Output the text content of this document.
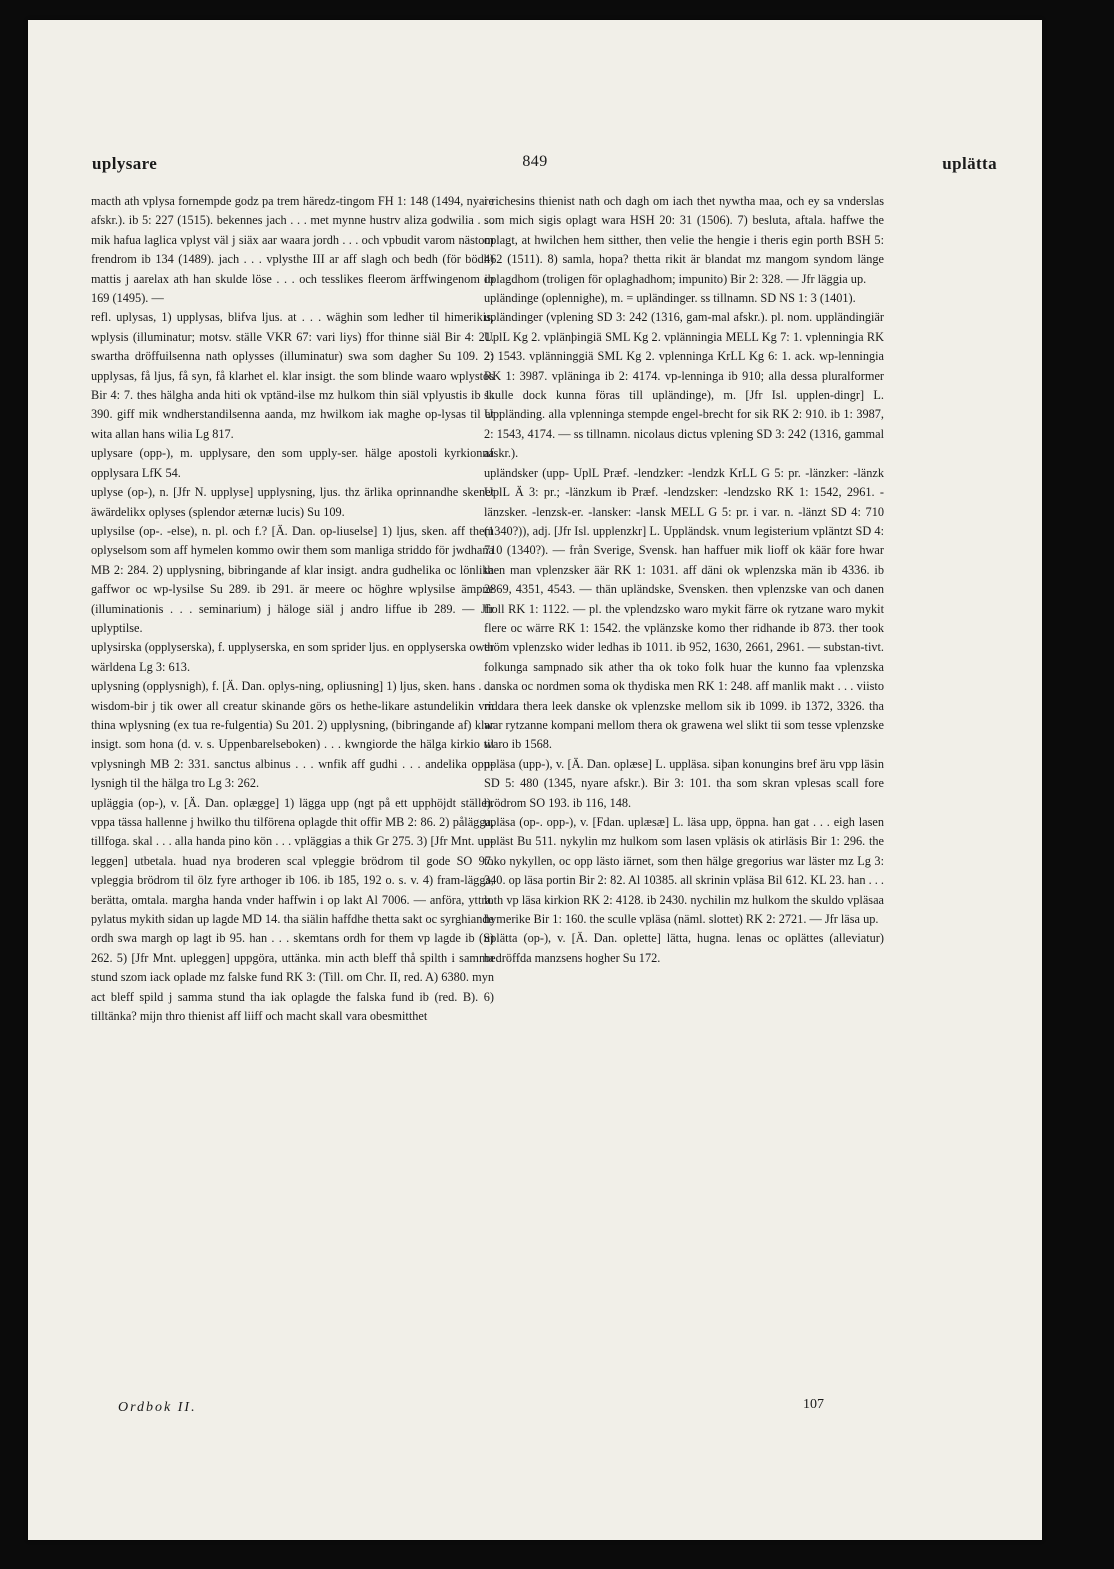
uplysare	849	uplätta

macth ath vplysa fornempde godz pa trem häredz-tingom FH 1: 148 (1494, nyare afskr.). ib 5: 227 (1515). bekennes jach . . . met mynne hustrv aliza godwilia . . . mik hafua laglica vplyst väl j siäx aar waara jordh . . . och vpbudit varom nästom frendrom ib 134 (1489). jach . . . vplysthe III ar aff slagh och bedh (för bödh) mattis j aarelax ath han skulde löse . . . och tesslikes fleerom ärffwingenom ib 169 (1495). —

refl. uplysas, 1) upplysas, blifva ljus. at . . . wäghin som ledher til himerikis, wplysis (illuminatur; motsv. ställe VKR 67: vari liys) ffor thinne siäl Bir 4: 21. swartha dröffuilsenna nath oplysses (illuminatur) swa som dagher Su 109. 2) upplysas, få ljus, få syn, få klarhet el. klar insigt. the som blinde waaro wplystos Bir 4: 7. thes hälgha anda hiti ok vptänd-ilse mz hulkom thin siäl vplyustis ib 1: 390. giff mik wndherstandilsenna aanda, mz hwilkom iak maghe op-lysas til at wita allan hans wilia Lg 817.

uplysare (opp-), m. upplysare, den som upply-ser. hälge apostoli kyrkionna opplysara LfK 54.

uplyse (op-), n. [Jfr N. upplyse] upplysning, ljus. thz ärlika oprinnandhe skenet äwärdelikx oplyses (splendor æternæ lucis) Su 109.

uplysilse (op-. -else), n. pl. och f.? [Ä. Dan. op-liuselse] 1) ljus, sken. aff them oplyselsom som aff hymelen kommo owir them som manliga striddo för jwdhana MB 2: 284. 2) upplysning, bibringande af klar insigt. andra gudhelika oc lönlika gaffwor oc wp-lysilse Su 289. ib 291. är meere oc höghre wplysilse ämpne (illuminationis . . . seminarium) j häloge siäl j andro liffue ib 289. — Jfr uplyptilse.

uplysirska (opplyserska), f. upplyserska, en som sprider ljus. en opplyserska ower wärldena Lg 3: 613.

uplysning (opplysnigh), f. [Ä. Dan. oplys-ning, opliusning] 1) ljus, sken. hans . . . wisdom-bir j tik ower all creatur skinande görs os hethe-likare astundelikin vm thina wplysning (ex tua re-fulgentia) Su 201. 2) upplysning, (bibringande af) klar insigt. som hona (d. v. s. Uppenbarelseboken) . . . kwngiorde the hälga kirkio til vplysningh MB 2: 331. sanctus albinus . . . wnfik aff gudhi . . . andelika opp-lysnigh til the hälga tro Lg 3: 262.

upläggia (op-), v. [Ä. Dan. oplægge] 1) lägga upp (ngt på ett upphöjdt ställe). vppa tässa hallenne j hwilko thu tilförena oplagde thit offir MB 2: 86. 2) pålägga, tillfoga. skal . . . alla handa pino kön . . . vpläggias a thik Gr 275. 3) [Jfr Mnt. up-leggen] utbetala. huad nya broderen scal vpleggie brödrom til gode SO 97. vpleggia brödrom til ölz fyre arthoger ib 106. ib 185, 192 o. s. v. 4) fram-lägga, berätta, omtala. margha handa vnder haffwin i op lakt Al 7006. — anföra, yttra. pylatus mykith sidan up lagde MD 14. tha siälin haffdhe thetta sakt oc syrghiande ordh swa margh op lagt ib 95. han . . . skemtans ordh for them vp lagde ib (S) 262. 5) [Jfr Mnt. upleggen] uppgöra, uttänka. min acth bleff thå spilth i samma stund szom iack oplade mz falske fund RK 3: (Till. om Chr. II, red. A) 6380. myn act bleff spild j samma stund tha iak oplagde the falska fund ib (red. B). 6) tilltänka? mijn thro thienist aff liiff och macht skall vara obesmitthet

i richesins thienist nath och dagh om iach thet nywtha maa, och ey sa vnderslas som mich sigis oplagt wara HSH 20: 31 (1506). 7) besluta, aftala. haffwe the oplagt, at hwilchen hem sitther, then velie the hengie i theris egin porth BSH 5: 462 (1511). 8) samla, hopa? thetta rikit är blandat mz mangom syndom länge oplagdhom (troligen för oplaghadhom; impunito) Bir 2: 328. — Jfr läggia up.

upländinge (oplennighe), m. = upländinger. ss tillnamn. SD NS 1: 3 (1401).

upländinger (vplening SD 3: 242 (1316, gam-mal afskr.). pl. nom. uppländingiär UplL Kg 2. vplänþingiä SML Kg 2. vplänningia MELL Kg 7: 1. vplenningia RK 2: 1543. vplänninggiä SML Kg 2. vplenninga KrLL Kg 6: 1. ack. wp-lenningia RK 1: 3987. vpläninga ib 2: 4174. vp-lenninga ib 910; alla dessa pluralformer skulle dock kunna föras till upländinge), m. [Jfr Isl. upplen-dingr] L. Uppländing. alla vplenninga stempde engel-brecht for sik RK 2: 910. ib 1: 3987, 2: 1543, 4174. — ss tillnamn. nicolaus dictus vplening SD 3: 242 (1316, gammal afskr.).

upländsker (upp- UplL Præf. -lendzker: -lendzk KrLL G 5: pr. -länzker: -länzk UplL Ä 3: pr.; -länzkum ib Præf. -lendzsker: -lendzsko RK 1: 1542, 2961. -länzsker. -lenzsk-er. -lansker: -lansk MELL G 5: pr. i var. n. -länzt SD 4: 710 (1340?)), adj. [Jfr Isl. upplenzkr] L. Uppländsk. vnum legisterium vpläntzt SD 4: 710 (1340?). — från Sverige, Svensk. han haffuer mik lioff ok käär fore hwar then man vplenzsker äär RK 1: 1031. aff däni ok wplenzska män ib 4336. ib 2869, 4351, 4543. — thän upländske, Svensken. then vplenzske van och danen fioll RK 1: 1122. — pl. the vplendzsko waro mykit färre ok rytzane waro mykit flere oc wärre RK 1: 1542. the vplänzske komo ther ridhande ib 873. ther took thöm vplenzsko wider ledhas ib 1011. ib 952, 1630, 2661, 2961. — substan-tivt. folkunga sampnado sik ather tha ok toko folk huar the kunno faa vplenzska danska oc nordmen soma ok thydiska men RK 1: 248. aff manlik makt . . . viisto riddara thera leek danske ok vplenzske mellom sik ib 1099. ib 1372, 3326. tha war rytzanne kompani mellom thera ok grawena wel slikt tii som tesse vplenzske waro ib 1568.

upläsa (upp-), v. [Ä. Dan. oplæse] L. uppläsa. siþan konungins bref äru vpp läsin SD 5: 480 (1345, nyare afskr.). Bir 3: 101. tha som skran vplesas scall fore brödrom SO 193. ib 116, 148.

upläsa (op-. opp-), v. [Fdan. uplæsæ] L. läsa upp, öppna. han gat . . . eigh lasen upläst Bu 511. nykylin mz hulkom som lasen vpläsis ok atirläsis Bir 1: 296. the toko nykyllen, oc opp lästo iärnet, som then hälge gregorius war läster mz Lg 3: 340. op läsa portin Bir 2: 82. Al 10385. all skrinin vpläsa Bil 612. KL 23. han . . . loth vp läsa kirkion RK 2: 4128. ib 2430. nychilin mz hulkom the skuldo vpläsaa hymerike Bir 1: 160. the sculle vpläsa (näml. slottet) RK 2: 2721. — Jfr läsa up.

uplätta (op-), v. [Ä. Dan. oplette] lätta, hugna. lenas oc oplättes (alleviatur) bedröffda manzsens hogher Su 172.

Ordbok II.	107
